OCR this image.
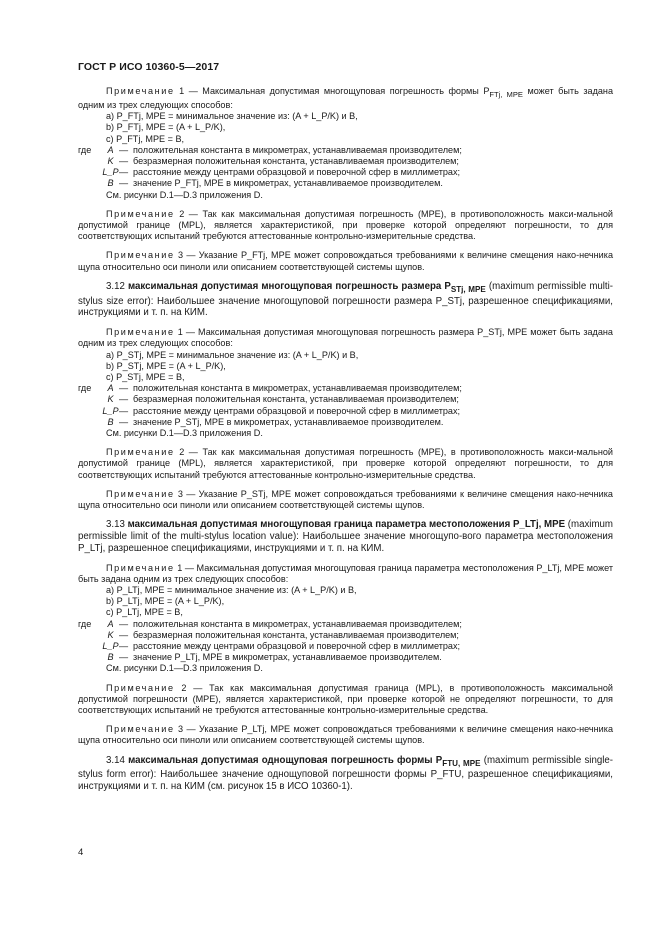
ГОСТ Р ИСО 10360-5—2017

Примечание 1 — Максимальная допустимая многощуповая погрешность формы $P_{FTj, MPE}$ может быть задана одним из трех следующих способов:

a) P_FTj, MPE = минимальное значение из: (A + L_P/K) и B,
b) P_FTj, MPE = (A + L_P/K),
c) P_FTj, MPE = B,
где	A — положительная константа в микрометрах, устанавливаемая производителем;
K — безразмерная положительная константа, устанавливаемая производителем;
L_P — расстояние между центрами образцовой и поверочной сфер в миллиметрах;
B — значение P_FTj, MPE в микрометрах, устанавливаемое производителем.
См. рисунки D.1—D.3 приложения D.

Примечание 2 — Так как максимальная допустимая погрешность (MPE), в противоположность макси-мальной допустимой границе (MPL), является характеристикой, при проверке которой определяют погрешности, то для соответствующих испытаний требуются аттестованные контрольно-измерительные средства.

Примечание 3 — Указание P_FTj, MPE может сопровождаться требованиями к величине смещения нако-нечника щупа относительно оси пиноли или описанием соответствующей системы щупов.

3.12 максимальная допустимая многощуповая погрешность размера $P_{STj, MPE}$ (maximum permissible multi-stylus size error): Наибольшее значение многощуповой погрешности размера P_STj, разрешенное спецификациями, инструкциями и т. п. на КИМ.

Примечание 1 — Максимальная допустимая многощуповая погрешность размера P_STj, MPE может быть задана одним из трех следующих способов:

a) P_STj, MPE = минимальное значение из: (A + L_P/K) и B,
b) P_STj, MPE = (A + L_P/K),
c) P_STj, MPE = B,
где	A — положительная константа в микрометрах, устанавливаемая производителем;
K — безразмерная положительная константа, устанавливаемая производителем;
L_P — расстояние между центрами образцовой и поверочной сфер в миллиметрах;
B — значение P_STj, MPE в микрометрах, устанавливаемое производителем.
См. рисунки D.1—D.3 приложения D.

Примечание 2 — Так как максимальная допустимая погрешность (MPE), в противоположность макси-мальной допустимой границе (MPL), является характеристикой, при проверке которой определяют погрешности, то для соответствующих испытаний требуются аттестованные контрольно-измерительные средства.

Примечание 3 — Указание P_STj, MPE может сопровождаться требованиями к величине смещения нако-нечника щупа относительно оси пиноли или описанием соответствующей системы щупов.

3.13 максимальная допустимая многощуповая граница параметра местоположения P_LTj, MPE (maximum permissible limit of the multi-stylus location value): Наибольшее значение многощупо-вого параметра местоположения P_LTj, разрешенное спецификациями, инструкциями и т. п. на КИМ.

Примечание 1 — Максимальная допустимая многощуповая граница параметра местоположения P_LTj, MPE может быть задана одним из трех следующих способов:

a) P_LTj, MPE = минимальное значение из: (A + L_P/K) и B,
b) P_LTj, MPE = (A + L_P/K),
c) P_LTj, MPE = B,
где	A — положительная константа в микрометрах, устанавливаемая производителем;
K — безразмерная положительная константа, устанавливаемая производителем;
L_P — расстояние между центрами образцовой и поверочной сфер в миллиметрах;
B — значение P_LTj, MPE в микрометрах, устанавливаемое производителем.
См. рисунки D.1—D.3 приложения D.

Примечание 2 — Так как максимальная допустимая граница (MPL), в противоположность максимальной допустимой погрешности (MPE), является характеристикой, при проверке которой не определяют погрешности, то для соответствующих испытаний не требуются аттестованные контрольно-измерительные средства.

Примечание 3 — Указание P_LTj, MPE может сопровождаться требованиями к величине смещения нако-нечника щупа относительно оси пиноли или описанием соответствующей системы щупов.

3.14 максимальная допустимая однощуповая погрешность формы $P_{FTU, MPE}$ (maximum permissible single-stylus form error): Наибольшее значение однощуповой погрешности формы P_FTU, разрешенное спецификациями, инструкциями и т. п. на КИМ (см. рисунок 15 в ИСО 10360-1).

4
